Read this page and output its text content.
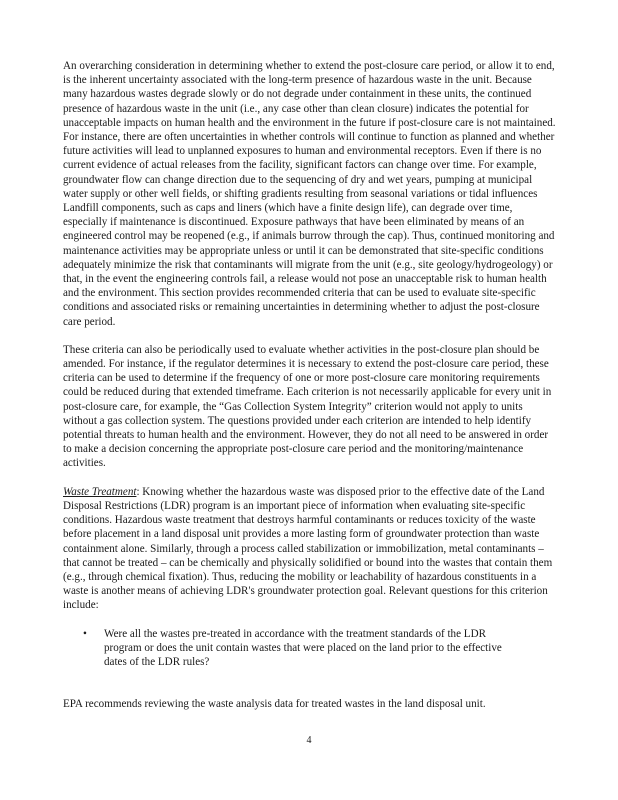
An overarching consideration in determining whether to extend the post-closure care period, or allow it to end, is the inherent uncertainty associated with the long-term presence of hazardous waste in the unit. Because many hazardous wastes degrade slowly or do not degrade under containment in these units, the continued presence of hazardous waste in the unit (i.e., any case other than clean closure) indicates the potential for unacceptable impacts on human health and the environment in the future if post-closure care is not maintained. For instance, there are often uncertainties in whether controls will continue to function as planned and whether future activities will lead to unplanned exposures to human and environmental receptors. Even if there is no current evidence of actual releases from the facility, significant factors can change over time. For example, groundwater flow can change direction due to the sequencing of dry and wet years, pumping at municipal water supply or other well fields, or shifting gradients resulting from seasonal variations or tidal influences Landfill components, such as caps and liners (which have a finite design life), can degrade over time, especially if maintenance is discontinued. Exposure pathways that have been eliminated by means of an engineered control may be reopened (e.g., if animals burrow through the cap). Thus, continued monitoring and maintenance activities may be appropriate unless or until it can be demonstrated that site-specific conditions adequately minimize the risk that contaminants will migrate from the unit (e.g., site geology/hydrogeology) or that, in the event the engineering controls fail, a release would not pose an unacceptable risk to human health and the environment. This section provides recommended criteria that can be used to evaluate site-specific conditions and associated risks or remaining uncertainties in determining whether to adjust the post-closure care period.

These criteria can also be periodically used to evaluate whether activities in the post-closure plan should be amended. For instance, if the regulator determines it is necessary to extend the post-closure care period, these criteria can be used to determine if the frequency of one or more post-closure care monitoring requirements could be reduced during that extended timeframe. Each criterion is not necessarily applicable for every unit in post-closure care, for example, the “Gas Collection System Integrity” criterion would not apply to units without a gas collection system. The questions provided under each criterion are intended to help identify potential threats to human health and the environment. However, they do not all need to be answered in order to make a decision concerning the appropriate post-closure care period and the monitoring/maintenance activities.

Waste Treatment: Knowing whether the hazardous waste was disposed prior to the effective date of the Land Disposal Restrictions (LDR) program is an important piece of information when evaluating site-specific conditions. Hazardous waste treatment that destroys harmful contaminants or reduces toxicity of the waste before placement in a land disposal unit provides a more lasting form of groundwater protection than waste containment alone. Similarly, through a process called stabilization or immobilization, metal contaminants – that cannot be treated – can be chemically and physically solidified or bound into the wastes that contain them (e.g., through chemical fixation). Thus, reducing the mobility or leachability of hazardous constituents in a waste is another means of achieving LDR's groundwater protection goal. Relevant questions for this criterion include:

• Were all the wastes pre-treated in accordance with the treatment standards of the LDR program or does the unit contain wastes that were placed on the land prior to the effective dates of the LDR rules?

EPA recommends reviewing the waste analysis data for treated wastes in the land disposal unit.

4
